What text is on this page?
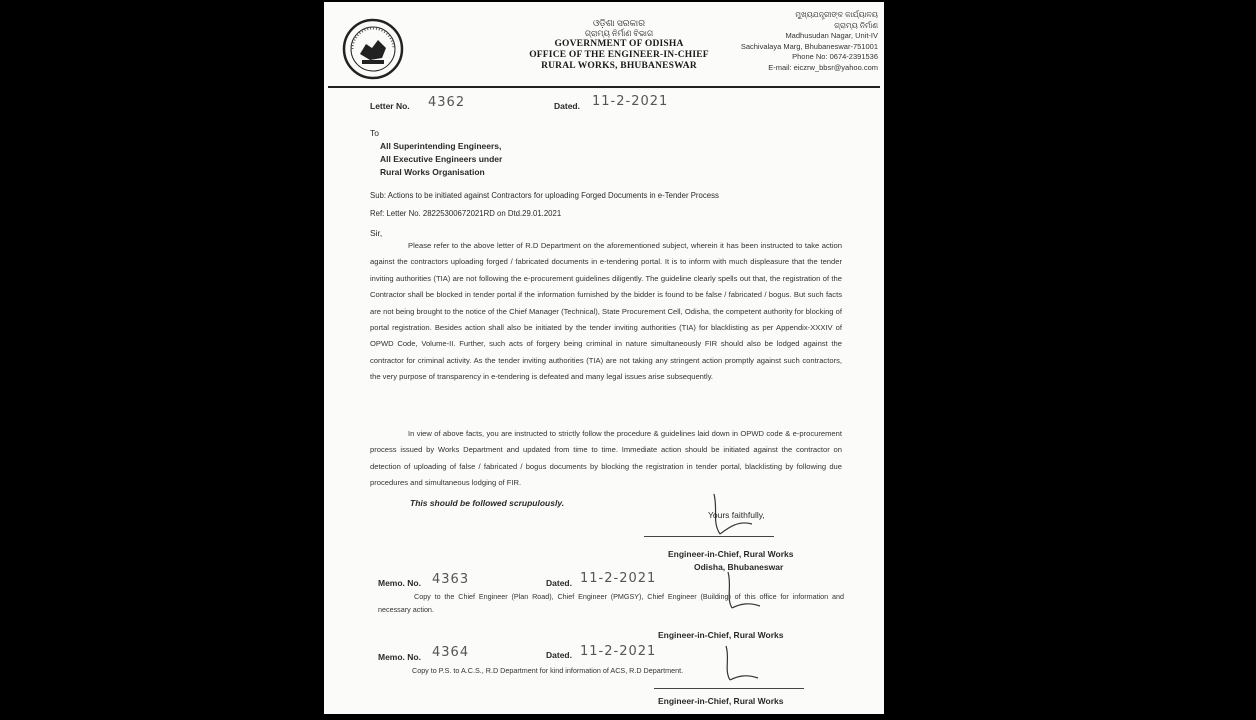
ଓଡ଼ିଶା ସରକାର
ଗ୍ରାମ୍ୟ ନିର୍ମାଣ ବିଭାଗ
GOVERNMENT OF ODISHA
OFFICE OF THE ENGINEER-IN-CHIEF
RURAL WORKS, BHUBANESWAR
ମୁଖ୍ୟଯନ୍ତ୍ରୀଙ୍କ କାର୍ଯ୍ୟାଳୟ
ଗ୍ରାମ୍ୟ ନିର୍ମାଣ
Madhusudan Nagar, Unit-IV
Sachivalaya Marg, Bhubaneswar-751001
Phone No: 0674-2391536
E-mail: eiczrw_bbsr@yahoo.com
Letter No. 4362	Dated. 11-2-2021
To
All Superintending Engineers,
All Executive Engineers under
Rural Works Organisation
Sub: Actions to be initiated against Contractors for uploading Forged Documents in e-Tender Process
Ref: Letter No. 28225300672021RD on Dtd.29.01.2021
Sir,
Please refer to the above letter of R.D Department on the aforementioned subject, wherein it has been instructed to take action against the contractors uploading forged / fabricated documents in e-tendering portal. It is to inform with much displeasure that the tender inviting authorities (TIA) are not following the e-procurement guidelines diligently. The guideline clearly spells out that, the registration of the Contractor shall be blocked in tender portal if the information furnished by the bidder is found to be false / fabricated / bogus. But such facts are not being brought to the notice of the Chief Manager (Technical), State Procurement Cell, Odisha, the competent authority for blocking of portal registration. Besides action shall also be initiated by the tender inviting authorities (TIA) for blacklisting as per Appendix-XXXIV of OPWD Code, Volume-II. Further, such acts of forgery being criminal in nature simultaneously FIR should also be lodged against the contractor for criminal activity. As the tender inviting authorities (TIA) are not taking any stringent action promptly against such contractors, the very purpose of transparency in e-tendering is defeated and many legal issues arise subsequently.
In view of above facts, you are instructed to strictly follow the procedure & guidelines laid down in OPWD code & e-procurement process issued by Works Department and updated from time to time. Immediate action should be initiated against the contractor on detection of uploading of false / fabricated / bogus documents by blocking the registration in tender portal, blacklisting by following due procedures and simultaneous lodging of FIR.
This should be followed scrupulously.
Yours faithfully,
Engineer-in-Chief, Rural Works
Odisha, Bhubaneswar
Memo. No. 4363	Dated. 11-2-2021
Copy to the Chief Engineer (Plan Road), Chief Engineer (PMGSY), Chief Engineer (Building) of this office for information and necessary action.
Engineer-in-Chief, Rural Works
Memo. No. 4364	Dated. 11-2-2021
Copy to P.S. to A.C.S., R.D Department for kind information of ACS, R.D Department.
Engineer-in-Chief, Rural Works
